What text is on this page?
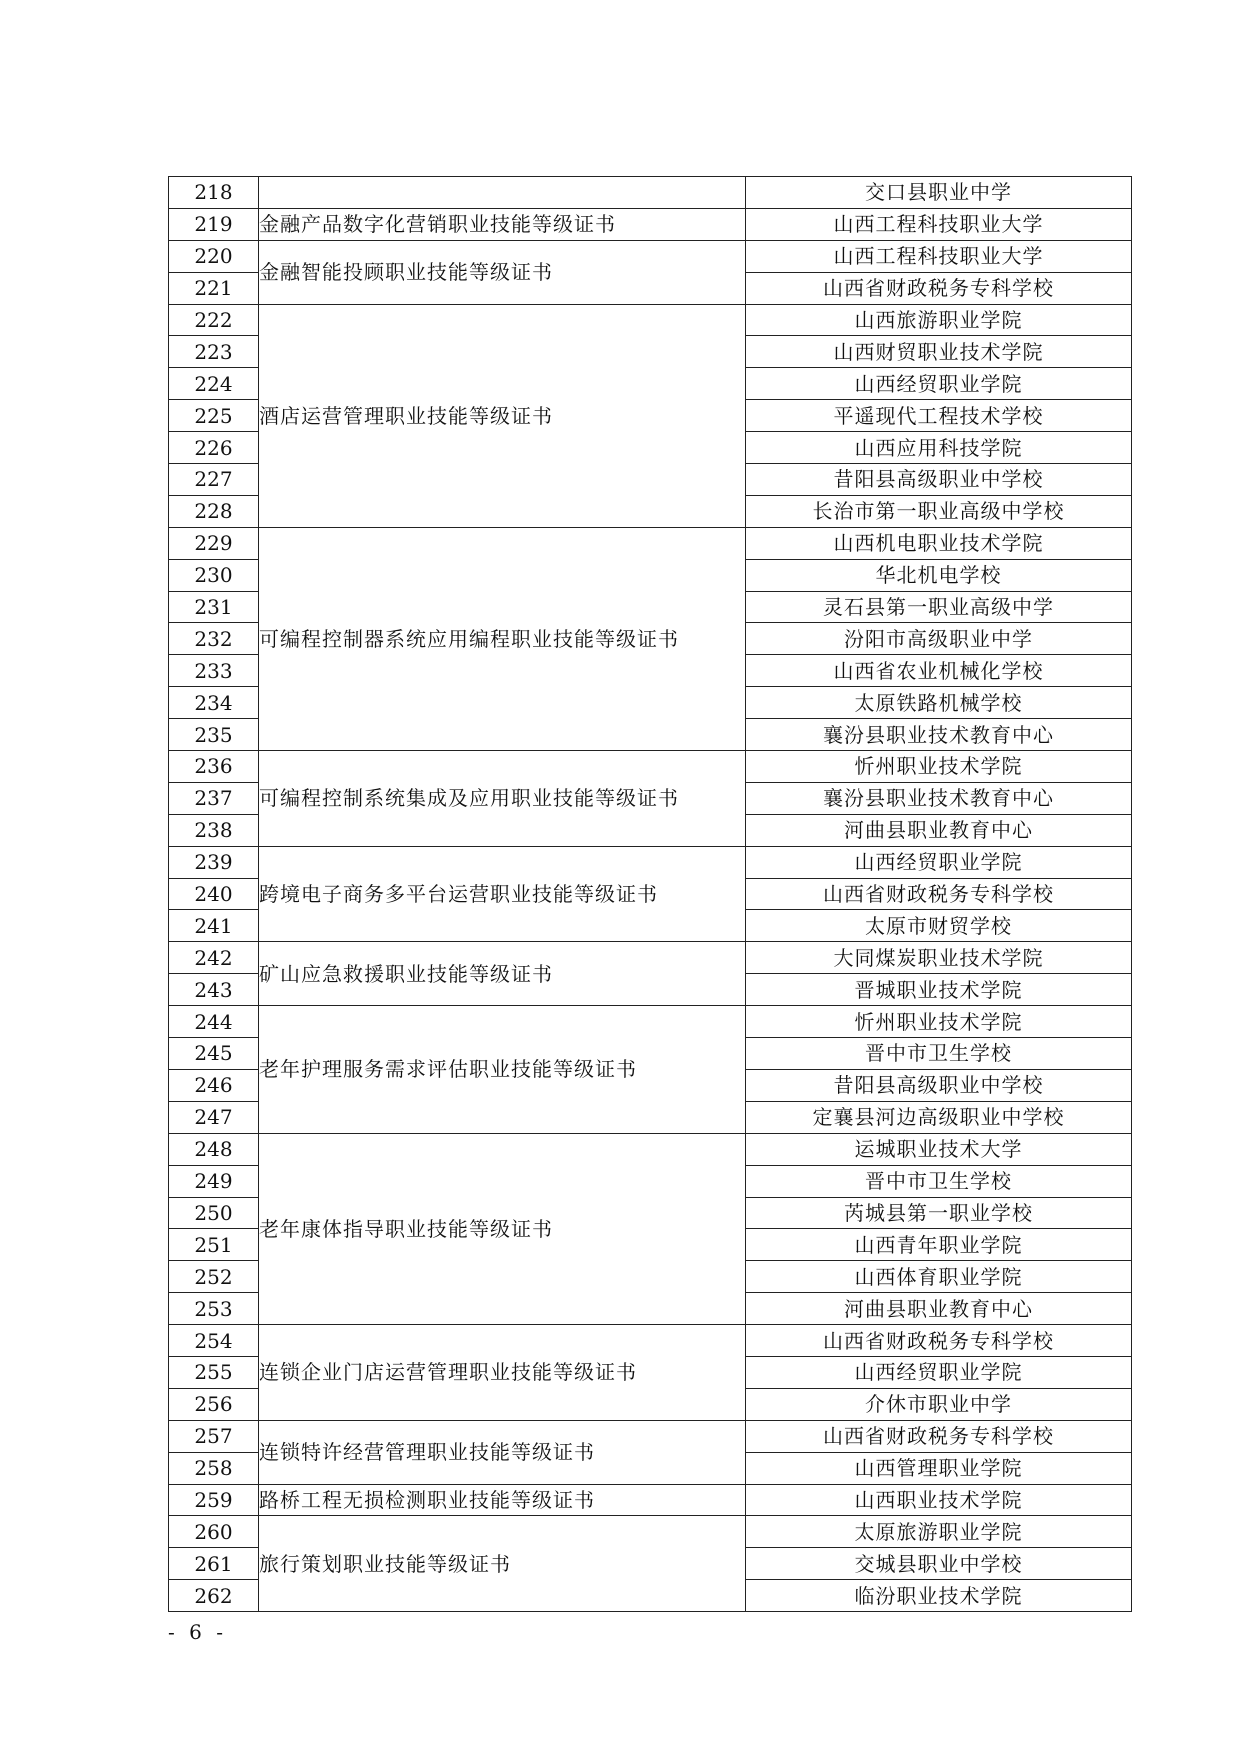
218		交口县职业中学
219	金融产品数字化营销职业技能等级证书	山西工程科技职业大学
220	金融智能投顾职业技能等级证书	山西工程科技职业大学
221		山西省财政税务专科学校
222	酒店运营管理职业技能等级证书	山西旅游职业学院
223		山西财贸职业技术学院
224		山西经贸职业学院
225		平遥现代工程技术学校
226		山西应用科技学院
227		昔阳县高级职业中学校
228		长治市第一职业高级中学校
229	可编程控制器系统应用编程职业技能等级证书	山西机电职业技术学院
230		华北机电学校
231		灵石县第一职业高级中学
232		汾阳市高级职业中学
233		山西省农业机械化学校
234		太原铁路机械学校
235		襄汾县职业技术教育中心
236	可编程控制系统集成及应用职业技能等级证书	忻州职业技术学院
237		襄汾县职业技术教育中心
238		河曲县职业教育中心
239	跨境电子商务多平台运营职业技能等级证书	山西经贸职业学院
240		山西省财政税务专科学校
241		太原市财贸学校
242	矿山应急救援职业技能等级证书	大同煤炭职业技术学院
243		晋城职业技术学院
244	老年护理服务需求评估职业技能等级证书	忻州职业技术学院
245		晋中市卫生学校
246		昔阳县高级职业中学校
247		定襄县河边高级职业中学校
248	老年康体指导职业技能等级证书	运城职业技术大学
249		晋中市卫生学校
250		芮城县第一职业学校
251		山西青年职业学院
252		山西体育职业学院
253		河曲县职业教育中心
254	连锁企业门店运营管理职业技能等级证书	山西省财政税务专科学校
255		山西经贸职业学院
256		介休市职业中学
257	连锁特许经营管理职业技能等级证书	山西省财政税务专科学校
258		山西管理职业学院
259	路桥工程无损检测职业技能等级证书	山西职业技术学院
260	旅行策划职业技能等级证书	太原旅游职业学院
261		交城县职业中学校
262		临汾职业技术学院
- 6 -
